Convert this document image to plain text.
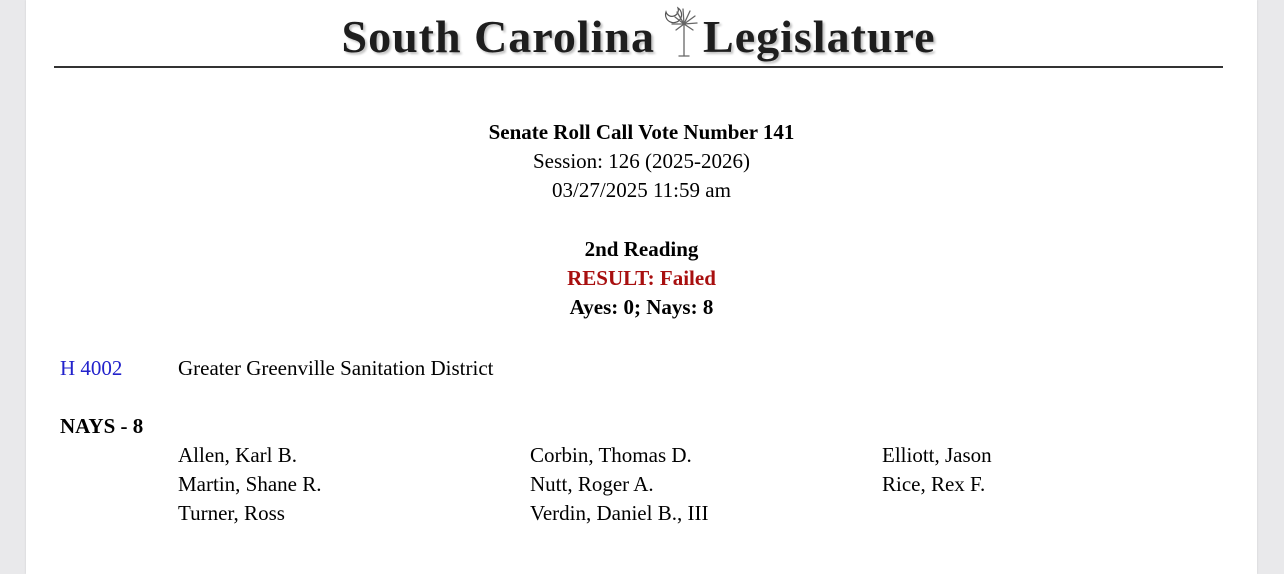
South Carolina Legislature
Senate Roll Call Vote Number 141
Session: 126 (2025-2026)
03/27/2025 11:59 am
2nd Reading
RESULT: Failed
Ayes: 0; Nays: 8
H 4002	Greater Greenville Sanitation District
NAYS - 8
Allen, Karl B.	Corbin, Thomas D.	Elliott, Jason
Martin, Shane R.	Nutt, Roger A.	Rice, Rex F.
Turner, Ross	Verdin, Daniel B., III
